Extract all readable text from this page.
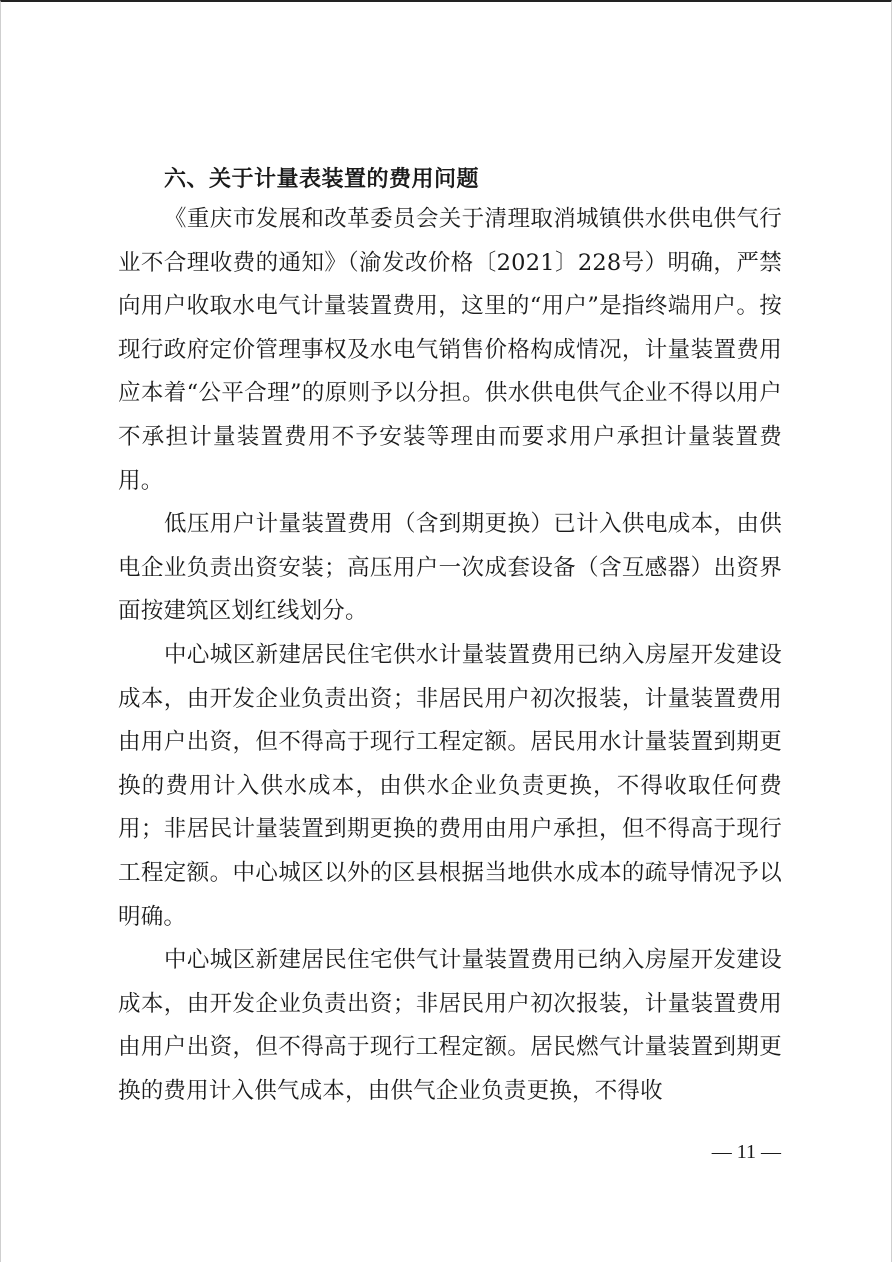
六、关于计量表装置的费用问题

《重庆市发展和改革委员会关于清理取消城镇供水供电供气行业不合理收费的通知》（渝发改价格〔2021〕228号）明确，严禁向用户收取水电气计量装置费用，这里的“用户”是指终端用户。按现行政府定价管理事权及水电气销售价格构成情况，计量装置费用应本着“公平合理”的原则予以分担。供水供电供气企业不得以用户不承担计量装置费用不予安装等理由而要求用户承担计量装置费用。

低压用户计量装置费用（含到期更换）已计入供电成本，由供电企业负责出资安装；高压用户一次成套设备（含互感器）出资界面按建筑区划红线划分。

中心城区新建居民住宅供水计量装置费用已纳入房屋开发建设成本，由开发企业负责出资；非居民用户初次报装，计量装置费用由用户出资，但不得高于现行工程定额。居民用水计量装置到期更换的费用计入供水成本，由供水企业负责更换，不得收取任何费用；非居民计量装置到期更换的费用由用户承担，但不得高于现行工程定额。中心城区以外的区县根据当地供水成本的疏导情况予以明确。

中心城区新建居民住宅供气计量装置费用已纳入房屋开发建设成本，由开发企业负责出资；非居民用户初次报装，计量装置费用由用户出资，但不得高于现行工程定额。居民燃气计量装置到期更换的费用计入供气成本，由供气企业负责更换，不得收

— 11 —
